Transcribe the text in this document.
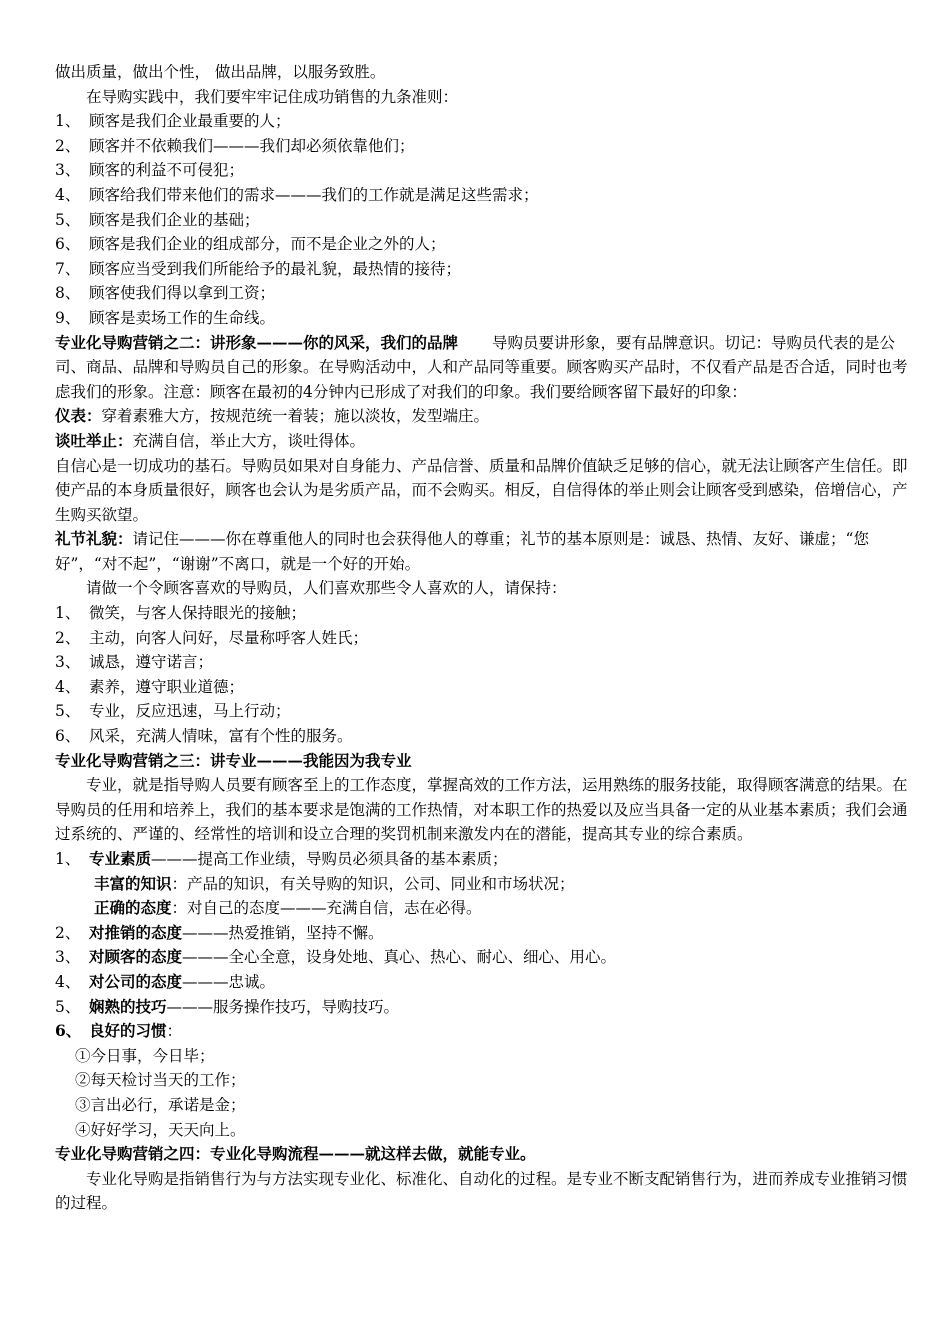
做出质量，做出个性， 做出品牌，以服务致胜。

在导购实践中，我们要牢牢记住成功销售的九条准则：

1、 顾客是我们企业最重要的人；
2、 顾客并不依赖我们———我们却必须依靠他们；
3、 顾客的利益不可侵犯；
4、 顾客给我们带来他们的需求———我们的工作就是满足这些需求；
5、 顾客是我们企业的基础；
6、 顾客是我们企业的组成部分，而不是企业之外的人；
7、 顾客应当受到我们所能给予的最礼貌，最热情的接待；
8、 顾客使我们得以拿到工资；
9、 顾客是卖场工作的生命线。

专业化导购营销之二：讲形象———你的风采，我们的品牌 导购员要讲形象，要有品牌意识。切记：导购员代表的是公司、商品、品牌和导购员自己的形象。在导购活动中，人和产品同等重要。顾客购买产品时，不仅看产品是否合适，同时也考虑我们的形象。注意：顾客在最初的4分钟内已形成了对我们的印象。我们要给顾客留下最好的印象：

仪表：穿着素雅大方，按规范统一着装；施以淡妆，发型端庄。

谈吐举止：充满自信，举止大方，谈吐得体。

自信心是一切成功的基石。导购员如果对自身能力、产品信誉、质量和品牌价值缺乏足够的信心，就无法让顾客产生信任。即使产品的本身质量很好，顾客也会认为是劣质产品，而不会购买。相反，自信得体的举止则会让顾客受到感染，倍增信心，产生购买欲望。

礼节礼貌：请记住———你在尊重他人的同时也会获得他人的尊重；礼节的基本原则是：诚恳、热情、友好、谦虚；“您好”，“对不起”，“谢谢”不离口，就是一个好的开始。

请做一个令顾客喜欢的导购员，人们喜欢那些令人喜欢的人，请保持：

1、 微笑，与客人保持眼光的接触；
2、 主动，向客人问好，尽量称呼客人姓氏；
3、 诚恳，遵守诺言；
4、 素养，遵守职业道德；
5、 专业，反应迅速，马上行动；
6、 风采，充满人情味，富有个性的服务。

专业化导购营销之三：讲专业———我能因为我专业

专业，就是指导购人员要有顾客至上的工作态度，掌握高效的工作方法，运用熟练的服务技能，取得顾客满意的结果。在导购员的任用和培养上，我们的基本要求是饱满的工作热情，对本职工作的热爱以及应当具备一定的从业基本素质；我们会通过系统的、严谨的、经常性的培训和设立合理的奖罚机制来激发内在的潜能，提高其专业的综合素质。

1、 专业素质———提高工作业绩，导购员必须具备的基本素质；
丰富的知识：产品的知识，有关导购的知识，公司、同业和市场状况；
正确的态度：对自己的态度———充满自信，志在必得。
2、 对推销的态度———热爱推销，坚持不懈。
3、 对顾客的态度———全心全意，设身处地、真心、热心、耐心、细心、用心。
4、 对公司的态度———忠诚。
5、 娴熟的技巧———服务操作技巧，导购技巧。
6、 良好的习惯：
①今日事，今日毕；
②每天检讨当天的工作；
③言出必行，承诺是金；
④好好学习，天天向上。

专业化导购营销之四：专业化导购流程———就这样去做，就能专业。

专业化导购是指销售行为与方法实现专业化、标准化、自动化的过程。是专业不断支配销售行为，进而养成专业推销习惯的过程。
